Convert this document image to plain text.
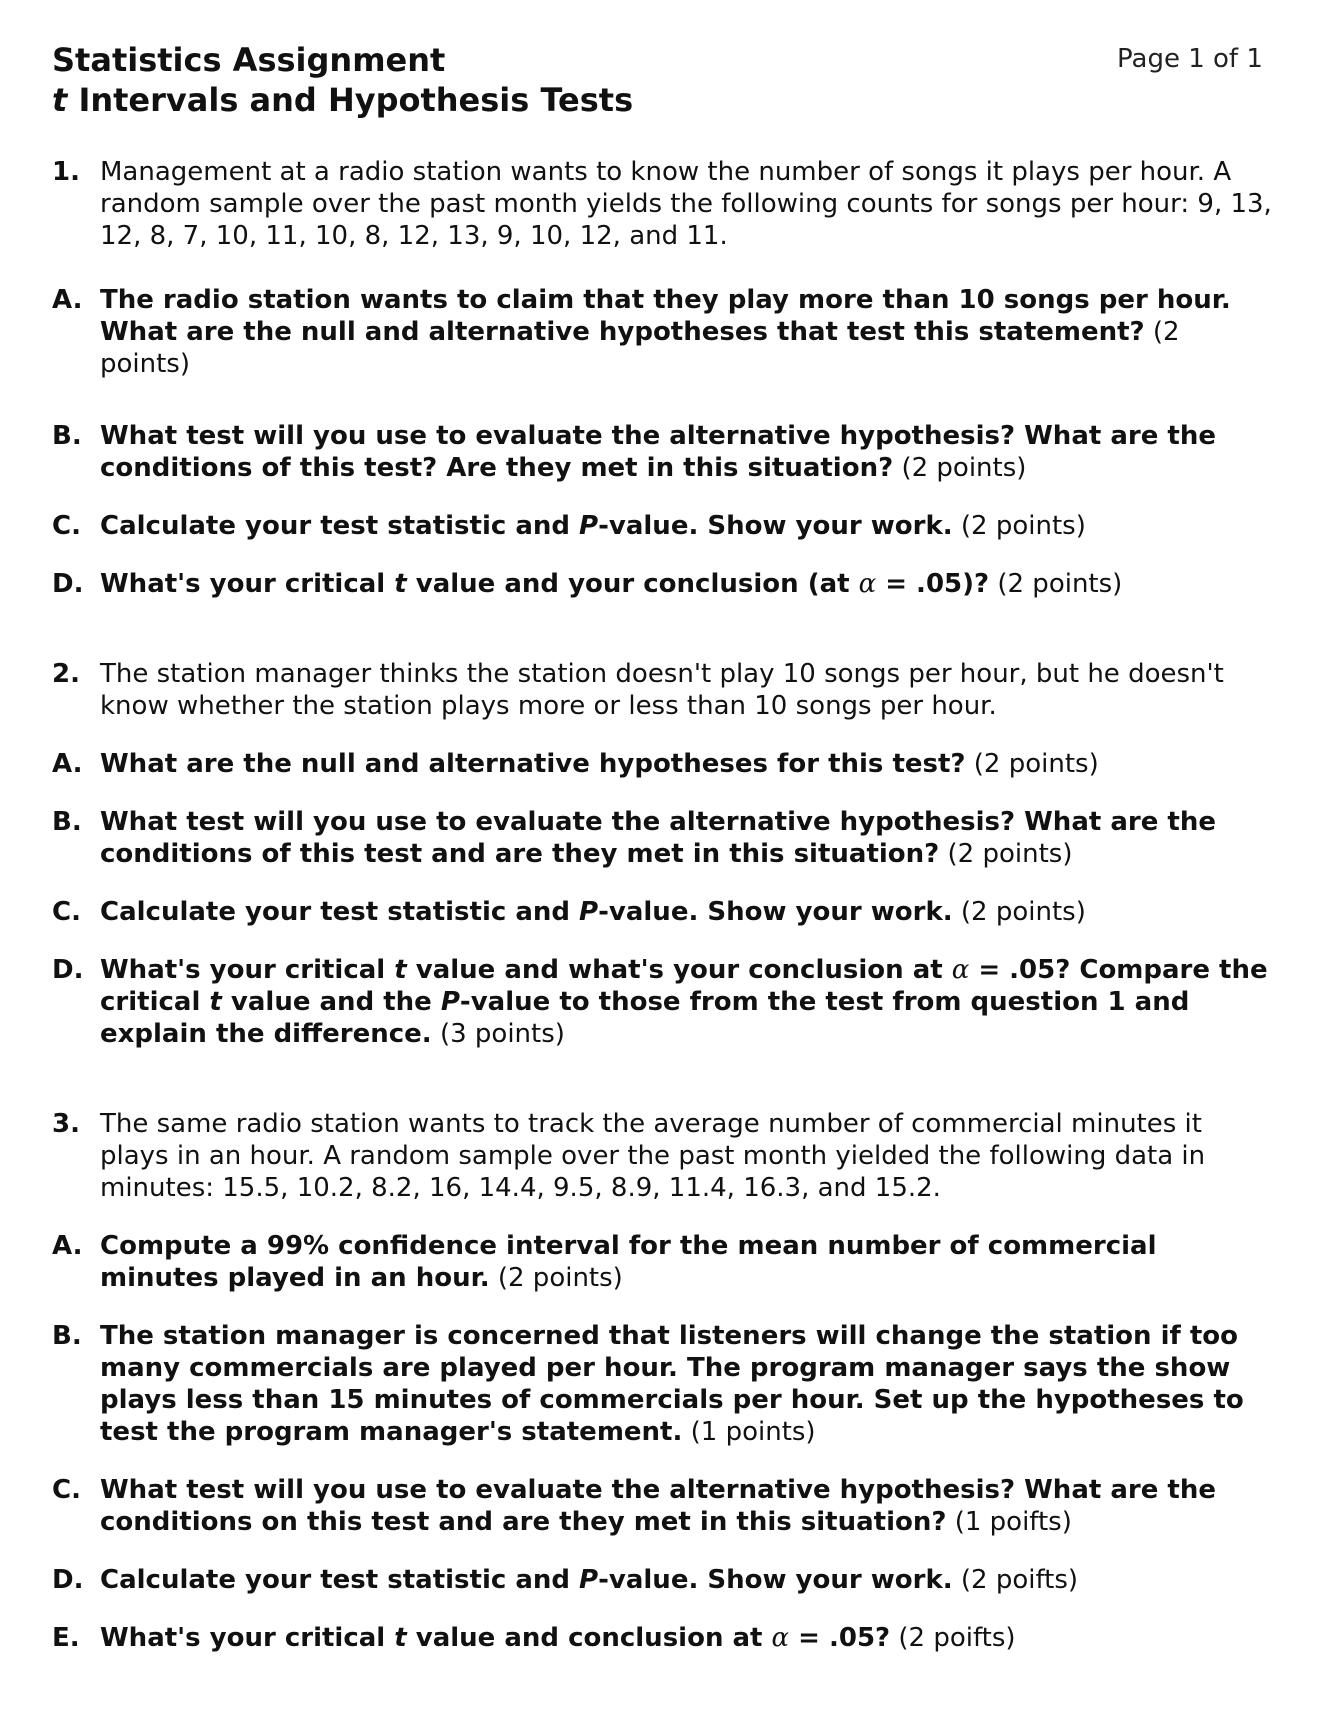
Statistics Assignment
t Intervals and Hypothesis Tests
Page 1 of 1
1. Management at a radio station wants to know the number of songs it plays per hour. A random sample over the past month yields the following counts for songs per hour: 9, 13, 12, 8, 7, 10, 11, 10, 8, 12, 13, 9, 10, 12, and 11.
A. The radio station wants to claim that they play more than 10 songs per hour. What are the null and alternative hypotheses that test this statement? (2 points)
B. What test will you use to evaluate the alternative hypothesis? What are the conditions of this test? Are they met in this situation? (2 points)
C. Calculate your test statistic and P-value. Show your work. (2 points)
D. What's your critical t value and your conclusion (at α = .05)? (2 points)
2. The station manager thinks the station doesn't play 10 songs per hour, but he doesn't know whether the station plays more or less than 10 songs per hour.
A. What are the null and alternative hypotheses for this test? (2 points)
B. What test will you use to evaluate the alternative hypothesis? What are the conditions of this test and are they met in this situation? (2 points)
C. Calculate your test statistic and P-value. Show your work. (2 points)
D. What's your critical t value and what's your conclusion at α = .05? Compare the critical t value and the P-value to those from the test from question 1 and explain the difference. (3 points)
3. The same radio station wants to track the average number of commercial minutes it plays in an hour. A random sample over the past month yielded the following data in minutes: 15.5, 10.2, 8.2, 16, 14.4, 9.5, 8.9, 11.4, 16.3, and 15.2.
A. Compute a 99% confidence interval for the mean number of commercial minutes played in an hour. (2 points)
B. The station manager is concerned that listeners will change the station if too many commercials are played per hour. The program manager says the show plays less than 15 minutes of commercials per hour. Set up the hypotheses to test the program manager's statement. (1 points)
C. What test will you use to evaluate the alternative hypothesis? What are the conditions on this test and are they met in this situation? (1 poifts)
D. Calculate your test statistic and P-value. Show your work. (2 poifts)
E. What's your critical t value and conclusion at α = .05? (2 poifts)
